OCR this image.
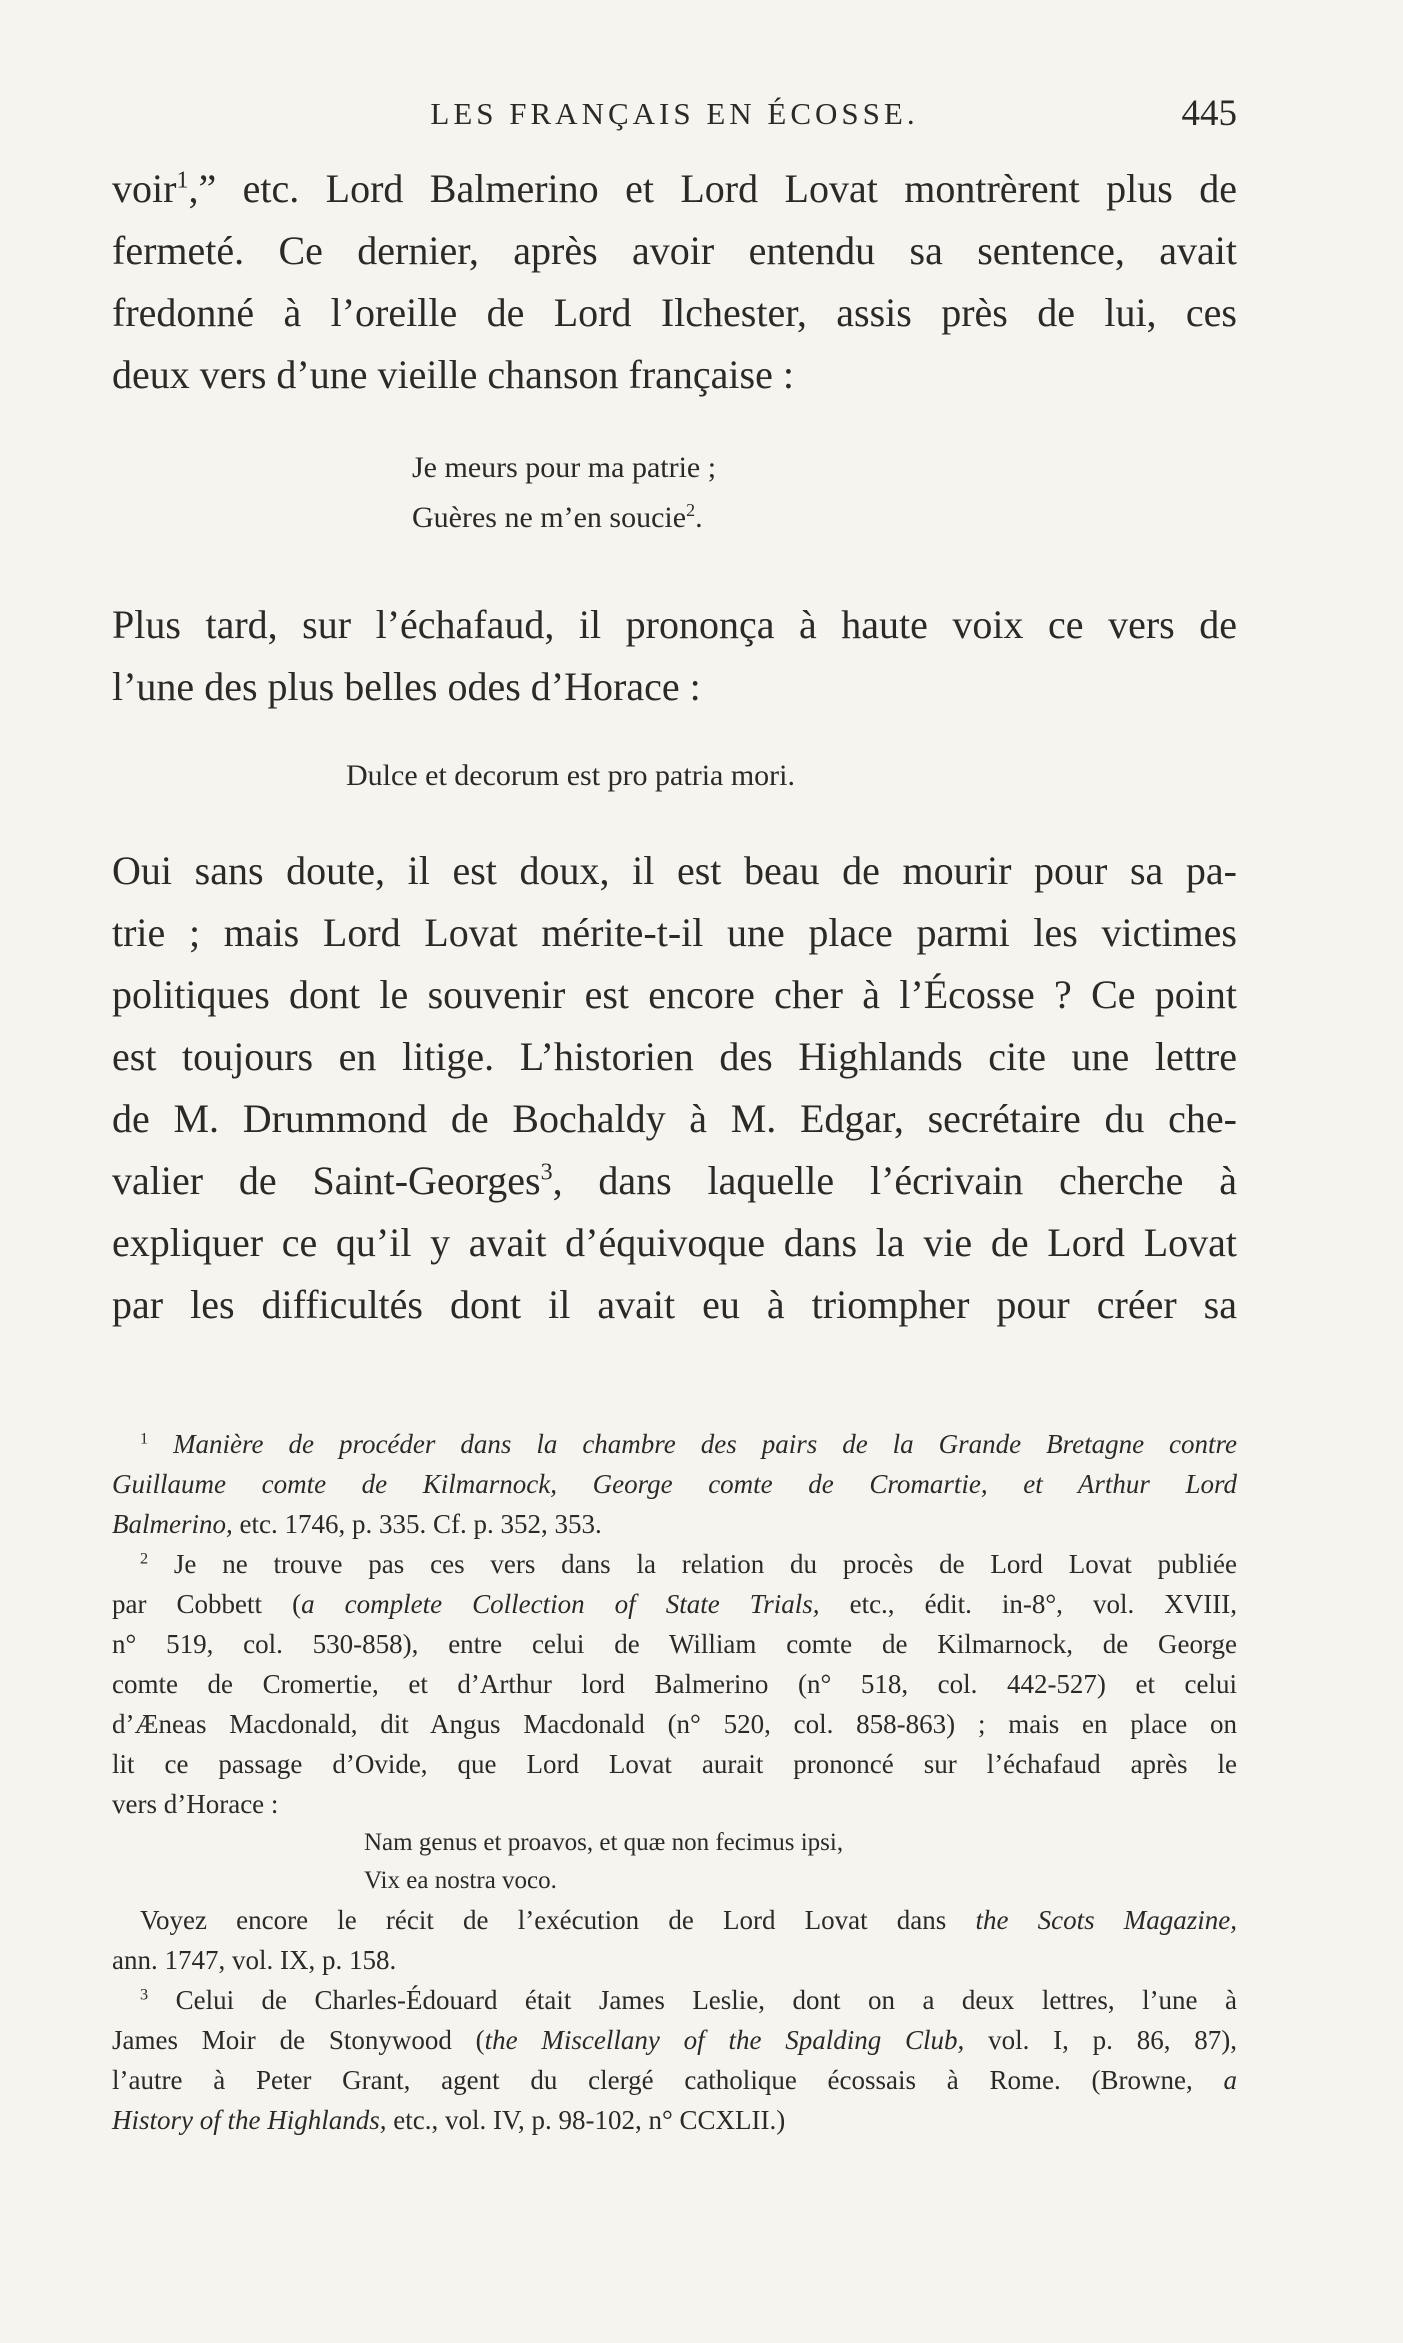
LES FRANÇAIS EN ÉCOSSE.	445
voir$^1$,” etc. Lord Balmerino et Lord Lovat montrèrent plus de
fermeté. Ce dernier, après avoir entendu sa sentence, avait
fredonné à l’oreille de Lord Ilchester, assis près de lui, ces
deux vers d’une vieille chanson française :
Je meurs pour ma patrie ;
Guères ne m’en soucie$^2$.
Plus tard, sur l’échafaud, il prononça à haute voix ce vers de
l’une des plus belles odes d’Horace :
Dulce et decorum est pro patria mori.
Oui sans doute, il est doux, il est beau de mourir pour sa pa-
trie ; mais Lord Lovat mérite-t-il une place parmi les victimes
politiques dont le souvenir est encore cher à l’Écosse ? Ce point
est toujours en litige. L’historien des Highlands cite une lettre
de M. Drummond de Bochaldy à M. Edgar, secrétaire du che-
valier de Saint-Georges$^3$, dans laquelle l’écrivain cherche à
expliquer ce qu’il y avait d’équivoque dans la vie de Lord Lovat
par les difficultés dont il avait eu à triompher pour créer sa
$^1$ Manière de procéder dans la chambre des pairs de la Grande Bretagne contre
Guillaume comte de Kilmarnock, George comte de Cromartie, et Arthur Lord
Balmerino, etc. 1746, p. 335. Cf. p. 352, 353.
$^2$ Je ne trouve pas ces vers dans la relation du procès de Lord Lovat publiée
par Cobbett (a complete Collection of State Trials, etc., édit. in-8°, vol. XVIII,
n° 519, col. 530-858), entre celui de William comte de Kilmarnock, de George
comte de Cromertie, et d’Arthur lord Balmerino (n° 518, col. 442-527) et celui
d’Æneas Macdonald, dit Angus Macdonald (n° 520, col. 858-863) ; mais en place on
lit ce passage d’Ovide, que Lord Lovat aurait prononcé sur l’échafaud après le
vers d’Horace :
Nam genus et proavos, et quæ non fecimus ipsi,
Vix ea nostra voco.
Voyez encore le récit de l’exécution de Lord Lovat dans the Scots Magazine,
ann. 1747, vol. IX, p. 158.
$^3$ Celui de Charles-Édouard était James Leslie, dont on a deux lettres, l’une à
James Moir de Stonywood (the Miscellany of the Spalding Club, vol. I, p. 86, 87),
l’autre à Peter Grant, agent du clergé catholique écossais à Rome. (Browne, a
History of the Highlands, etc., vol. IV, p. 98-102, n° CCXLII.)
